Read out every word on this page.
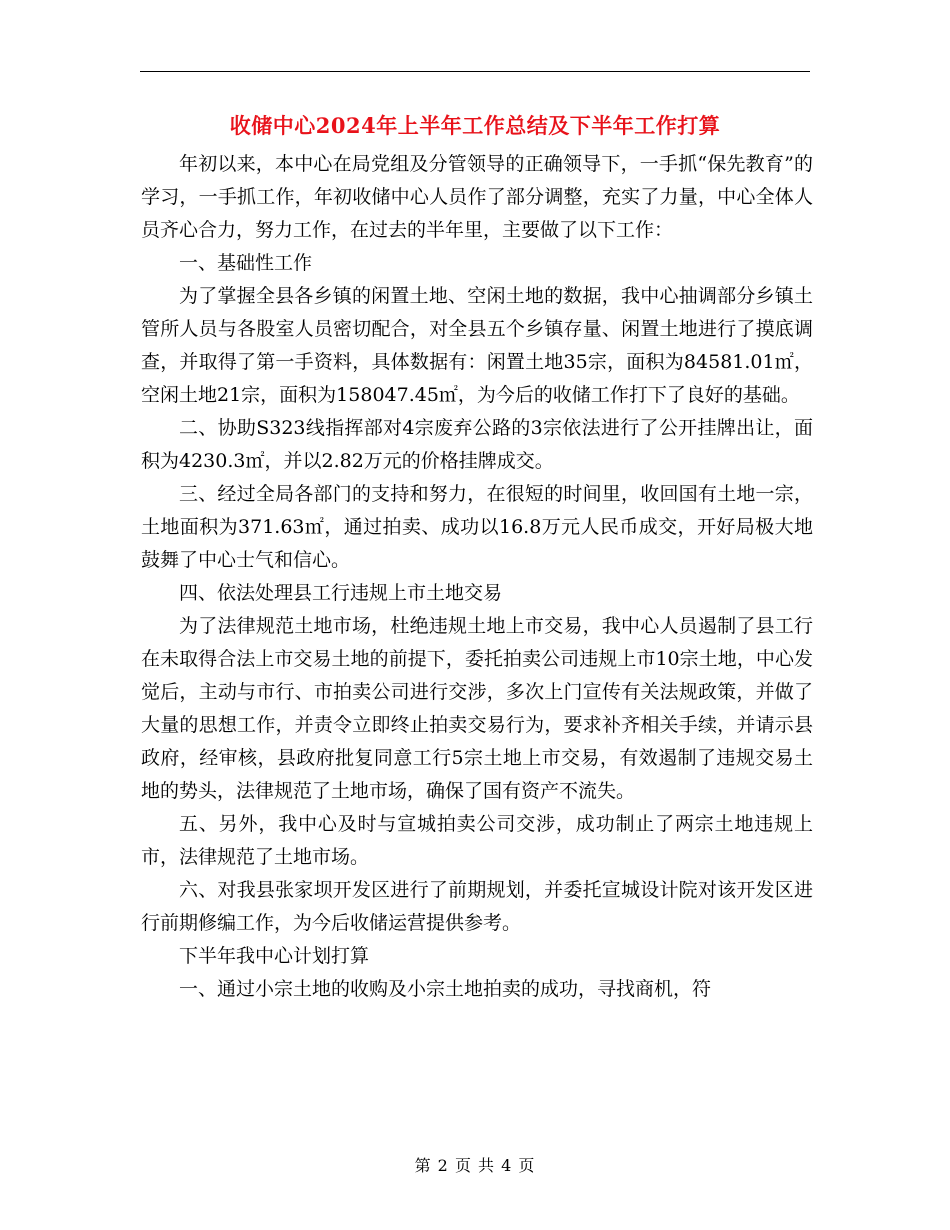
收储中心2024年上半年工作总结及下半年工作打算

年初以来，本中心在局党组及分管领导的正确领导下，一手抓“保先教育”的学习，一手抓工作，年初收储中心人员作了部分调整，充实了力量，中心全体人员齐心合力，努力工作，在过去的半年里，主要做了以下工作：

一、基础性工作

为了掌握全县各乡镇的闲置土地、空闲土地的数据，我中心抽调部分乡镇土管所人员与各股室人员密切配合，对全县五个乡镇存量、闲置土地进行了摸底调查，并取得了第一手资料，具体数据有：闲置土地35宗，面积为84581.01㎡，空闲土地21宗，面积为158047.45㎡，为今后的收储工作打下了良好的基础。

二、协助S323线指挥部对4宗废弃公路的3宗依法进行了公开挂牌出让，面积为4230.3㎡，并以2.82万元的价格挂牌成交。

三、经过全局各部门的支持和努力，在很短的时间里，收回国有土地一宗，土地面积为371.63㎡，通过拍卖、成功以16.8万元人民币成交，开好局极大地鼓舞了中心士气和信心。

四、依法处理县工行违规上市土地交易

为了法律规范土地市场，杜绝违规土地上市交易，我中心人员遏制了县工行在未取得合法上市交易土地的前提下，委托拍卖公司违规上市10宗土地，中心发觉后，主动与市行、市拍卖公司进行交涉，多次上门宣传有关法规政策，并做了大量的思想工作，并责令立即终止拍卖交易行为，要求补齐相关手续，并请示县政府，经审核，县政府批复同意工行5宗土地上市交易，有效遏制了违规交易土地的势头，法律规范了土地市场，确保了国有资产不流失。

五、另外，我中心及时与宣城拍卖公司交涉，成功制止了两宗土地违规上市，法律规范了土地市场。

六、对我县张家坝开发区进行了前期规划，并委托宣城设计院对该开发区进行前期修编工作，为今后收储运营提供参考。

下半年我中心计划打算

一、通过小宗土地的收购及小宗土地拍卖的成功，寻找商机，符

第 2 页 共 4 页
